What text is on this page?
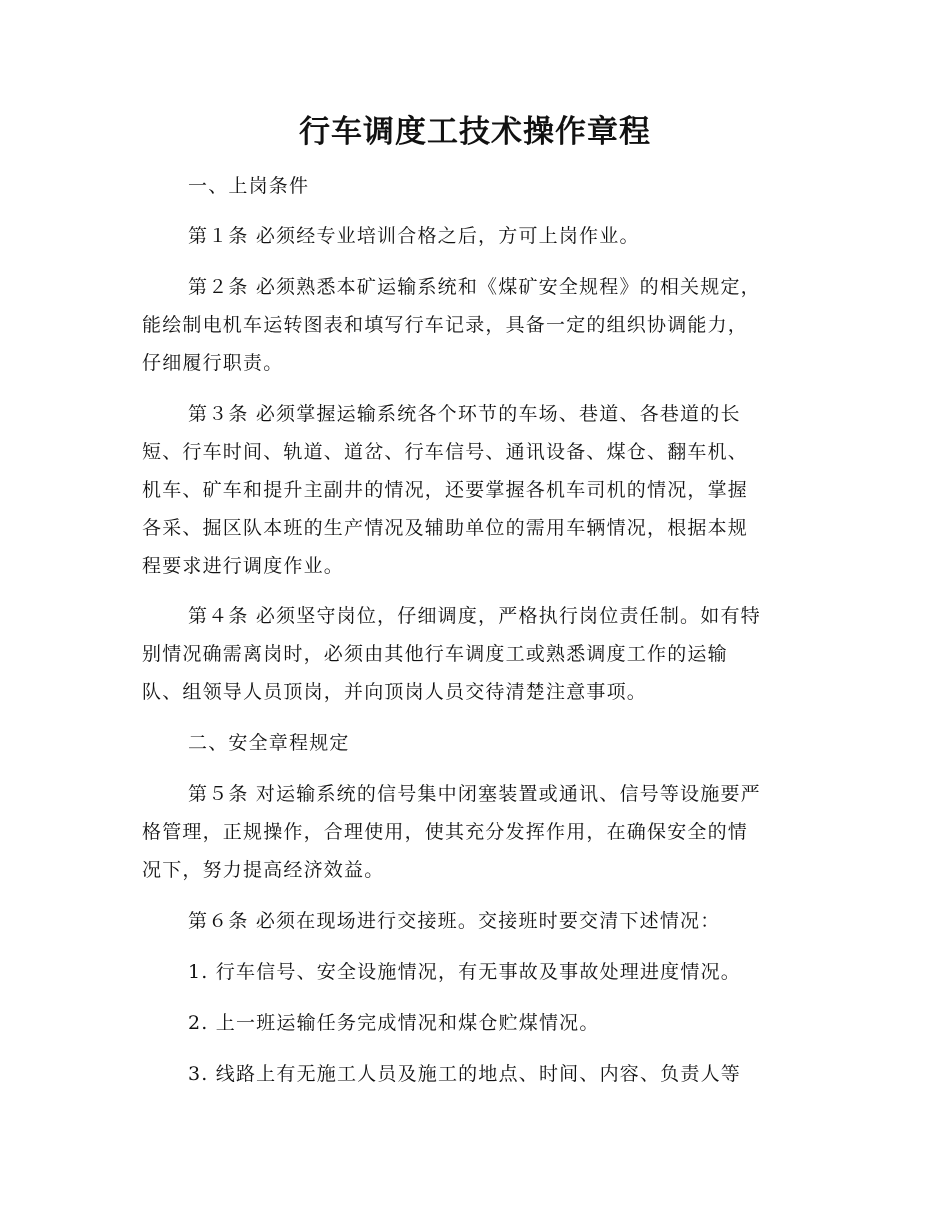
行车调度工技术操作章程

一、上岗条件

第１条 必须经专业培训合格之后，方可上岗作业。

第２条 必须熟悉本矿运输系统和《煤矿安全规程》的相关规定，
能绘制电机车运转图表和填写行车记录，具备一定的组织协调能力，
仔细履行职责。

第３条 必须掌握运输系统各个环节的车场、巷道、各巷道的长
短、行车时间、轨道、道岔、行车信号、通讯设备、煤仓、翻车机、
机车、矿车和提升主副井的情况，还要掌握各机车司机的情况，掌握
各采、掘区队本班的生产情况及辅助单位的需用车辆情况，根据本规
程要求进行调度作业。

第４条 必须坚守岗位，仔细调度，严格执行岗位责任制。如有特
别情况确需离岗时，必须由其他行车调度工或熟悉调度工作的运输
队、组领导人员顶岗，并向顶岗人员交待清楚注意事项。

二、安全章程规定

第５条 对运输系统的信号集中闭塞装置或通讯、信号等设施要严
格管理，正规操作，合理使用，使其充分发挥作用，在确保安全的情
况下，努力提高经济效益。

第６条 必须在现场进行交接班。交接班时要交清下述情况：

1. 行车信号、安全设施情况，有无事故及事故处理进度情况。

2. 上一班运输任务完成情况和煤仓贮煤情况。

3. 线路上有无施工人员及施工的地点、时间、内容、负责人等
